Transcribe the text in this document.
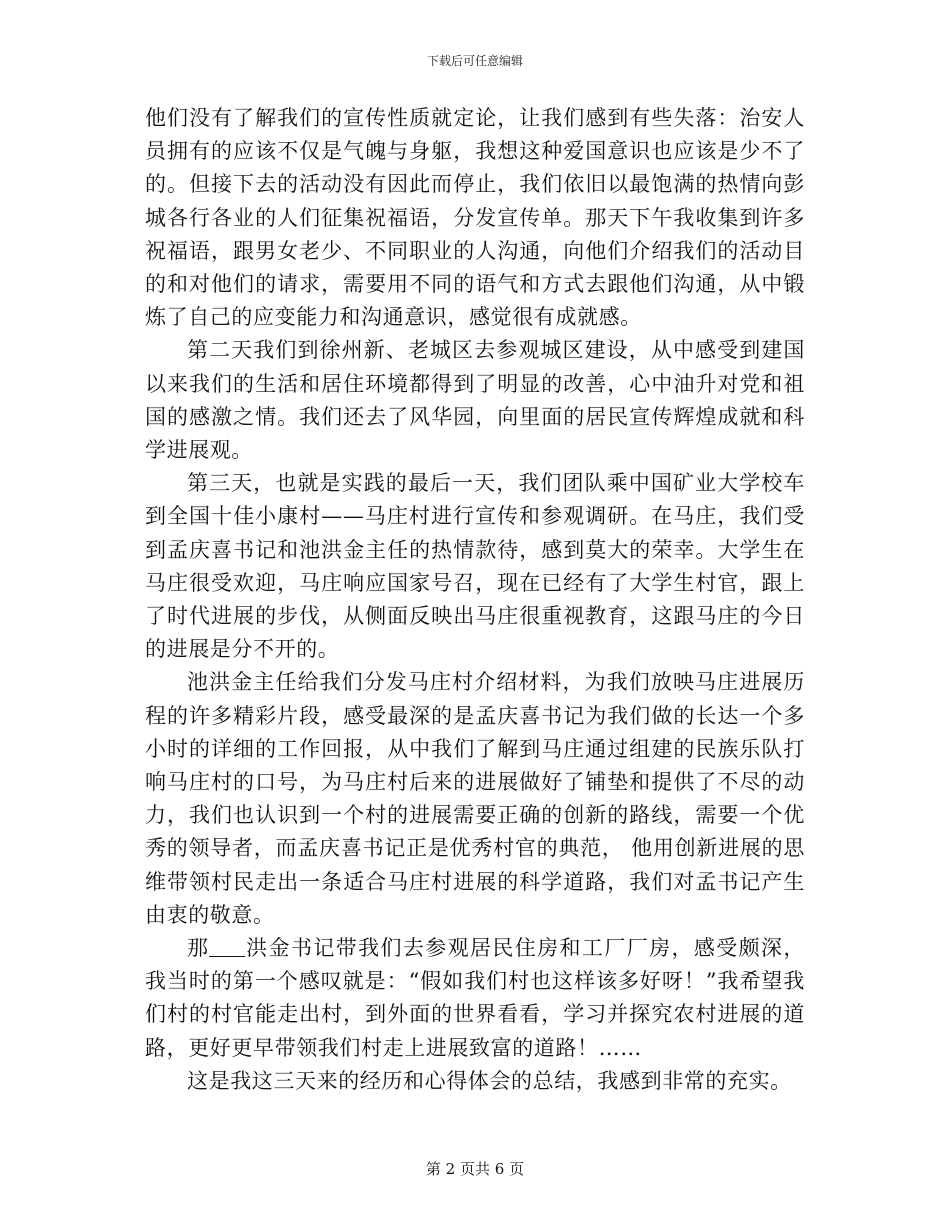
下载后可任意编辑

他们没有了解我们的宣传性质就定论，让我们感到有些失落：治安人员拥有的应该不仅是气魄与身躯，我想这种爱国意识也应该是少不了的。但接下去的活动没有因此而停止，我们依旧以最饱满的热情向彭城各行各业的人们征集祝福语，分发宣传单。那天下午我收集到许多祝福语，跟男女老少、不同职业的人沟通，向他们介绍我们的活动目的和对他们的请求，需要用不同的语气和方式去跟他们沟通，从中锻炼了自己的应变能力和沟通意识，感觉很有成就感。

第二天我们到徐州新、老城区去参观城区建设，从中感受到建国以来我们的生活和居住环境都得到了明显的改善，心中油升对党和祖国的感激之情。我们还去了风华园，向里面的居民宣传辉煌成就和科学进展观。

第三天，也就是实践的最后一天，我们团队乘中国矿业大学校车到全国十佳小康村——马庄村进行宣传和参观调研。在马庄，我们受到孟庆喜书记和池洪金主任的热情款待，感到莫大的荣幸。大学生在马庄很受欢迎，马庄响应国家号召，现在已经有了大学生村官，跟上了时代进展的步伐，从侧面反映出马庄很重视教育，这跟马庄的今日的进展是分不开的。

池洪金主任给我们分发马庄村介绍材料，为我们放映马庄进展历程的许多精彩片段，感受最深的是孟庆喜书记为我们做的长达一个多小时的详细的工作回报，从中我们了解到马庄通过组建的民族乐队打响马庄村的口号，为马庄村后来的进展做好了铺垫和提供了不尽的动力，我们也认识到一个村的进展需要正确的创新的路线，需要一个优秀的领导者，而孟庆喜书记正是优秀村官的典范， 他用创新进展的思维带领村民走出一条适合马庄村进展的科学道路，我们对孟书记产生由衷的敬意。

那 洪金书记带我们去参观居民住房和工厂厂房，感受颇深，我当时的第一个感叹就是：“假如我们村也这样该多好呀！”我希望我们村的村官能走出村，到外面的世界看看，学习并探究农村进展的道路，更好更早带领我们村走上进展致富的道路！……

这是我这三天来的经历和心得体会的总结，我感到非常的充实。

第 2 页共 6 页
